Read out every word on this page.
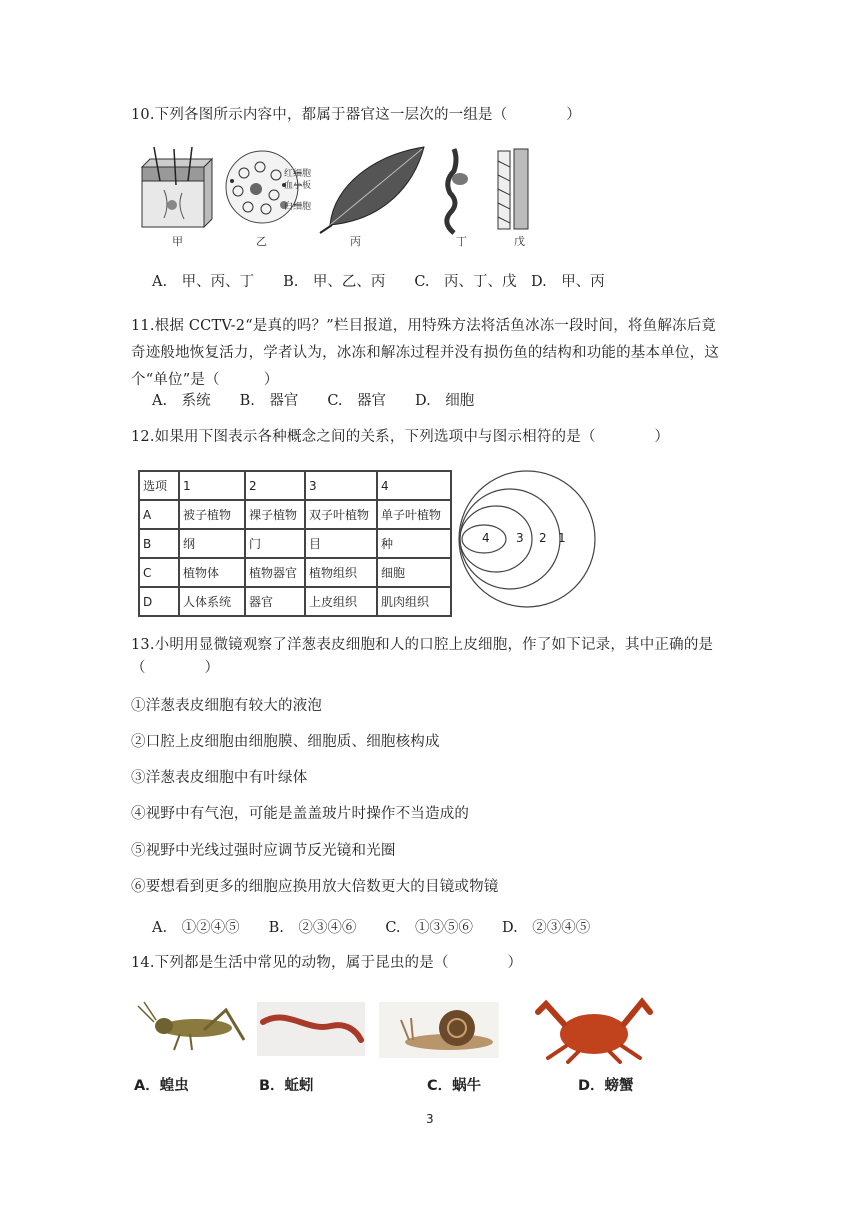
10.下列各图所示内容中，都属于器官这一层次的一组是（　　　　）
红细胞
血小板
白细胞
甲	乙	丙	丁	戊
A.　甲、丙、丁　　B.　甲、乙、丙　　C.　丙、丁、戊　D.　甲、丙
11.根据 CCTV-2“是真的吗？”栏目报道，用特殊方法将活鱼冰冻一段时间，将鱼解冻后竟
奇迹般地恢复活力，学者认为，冰冻和解冻过程并没有损伤鱼的结构和功能的基本单位，这
个“单位”是（　　　）
A.　系统　　B.　器官　　C.　器官　　D.　细胞
12.如果用下图表示各种概念之间的关系，下列选项中与图示相符的是（　　　　）
选项	1	2	3	4
A	被子植物	裸子植物	双子叶植物	单子叶植物
B	纲	门	目	种
C	植物体	植物器官	植物组织	细胞
D	人体系统	器官	上皮组织	肌肉组织
4 3 2 1
13.小明用显微镜观察了洋葱表皮细胞和人的口腔上皮细胞，作了如下记录，其中正确的是
（　　　　）
①洋葱表皮细胞有较大的液泡
②口腔上皮细胞由细胞膜、细胞质、细胞核构成
③洋葱表皮细胞中有叶绿体
④视野中有气泡，可能是盖盖玻片时操作不当造成的
⑤视野中光线过强时应调节反光镜和光圈
⑥要想看到更多的细胞应换用放大倍数更大的目镜或物镜
A.　①②④⑤　　B.　②③④⑥　　C.　①③⑤⑥　　D.　②③④⑤
14.下列都是生活中常见的动物，属于昆虫的是（　　　　）
A．蝗虫	B．蚯蚓	C．蜗牛	D．螃蟹
3
